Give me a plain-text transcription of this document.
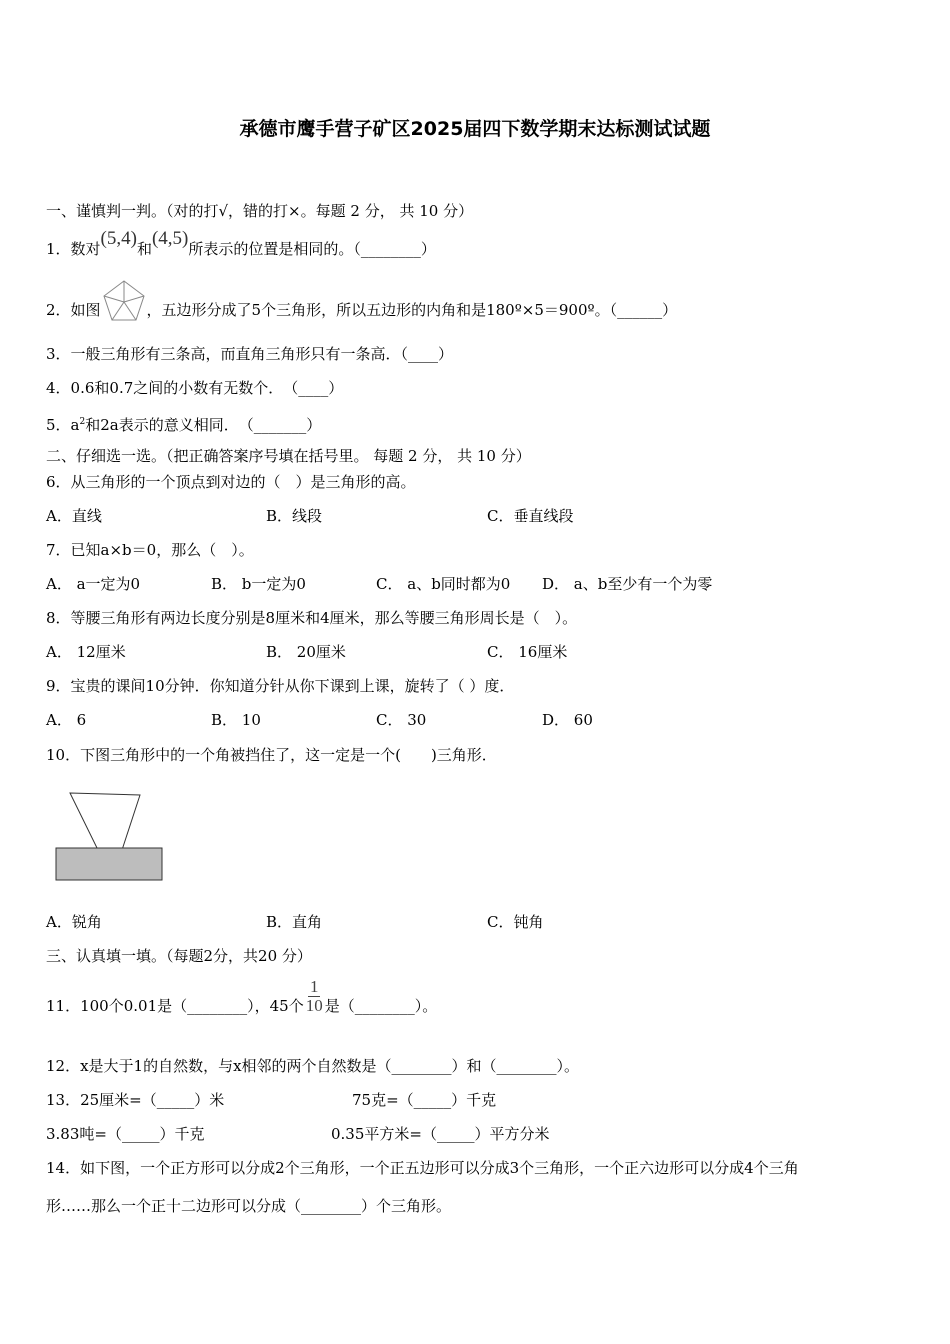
承德市鹰手营子矿区2025届四下数学期末达标测试试题
一、谨慎判一判。（对的打√，错的打×。每题 2 分， 共 10 分）
1．数对(5,4)和(4,5)所表示的位置是相同的。（________）
2．如图	，五边形分成了5个三角形，所以五边形的内角和是180º×5＝900º。（______）
3．一般三角形有三条高，而直角三角形只有一条高．（____）
4．0.6和0.7之间的小数有无数个．　（____）
5．$a^2$和2a表示的意义相同．　（_______）
二、仔细选一选。（把正确答案序号填在括号里。 每题 2 分， 共 10 分）
6．从三角形的一个顶点到对边的（　）是三角形的高。
A．直线	B．线段	C．垂直线段
7．已知a×b＝0，那么（　）。
A． a一定为0	B． b一定为0	C． a、b同时都为0 D． a、b至少有一个为零
8．等腰三角形有两边长度分别是8厘米和4厘米，那么等腰三角形周长是（　）。
A． 12厘米	B． 20厘米	C． 16厘米
9．宝贵的课间10分钟．你知道分针从你下课到上课，旋转了（ ）度．
A． 6	B． 10	C． 30	D． 60
10．下图三角形中的一个角被挡住了，这一定是一个(　　)三角形．
A．锐角	B．直角	C．钝角
三、认真填一填。（每题2分，共20 分）
11．100个0.01是（________），45个 $\frac{1}{10}$ 是（________）。
12．x是大于1的自然数，与x相邻的两个自然数是（________）和（________）。
13．25厘米=（_____）米	75克=（_____）千克
3.83吨=（_____）千克	0.35平方米=（_____）平方分米
14．如下图，一个正方形可以分成2个三角形，一个正五边形可以分成3个三角形，一个正六边形可以分成4个三角
形……那么一个正十二边形可以分成（________）个三角形。
